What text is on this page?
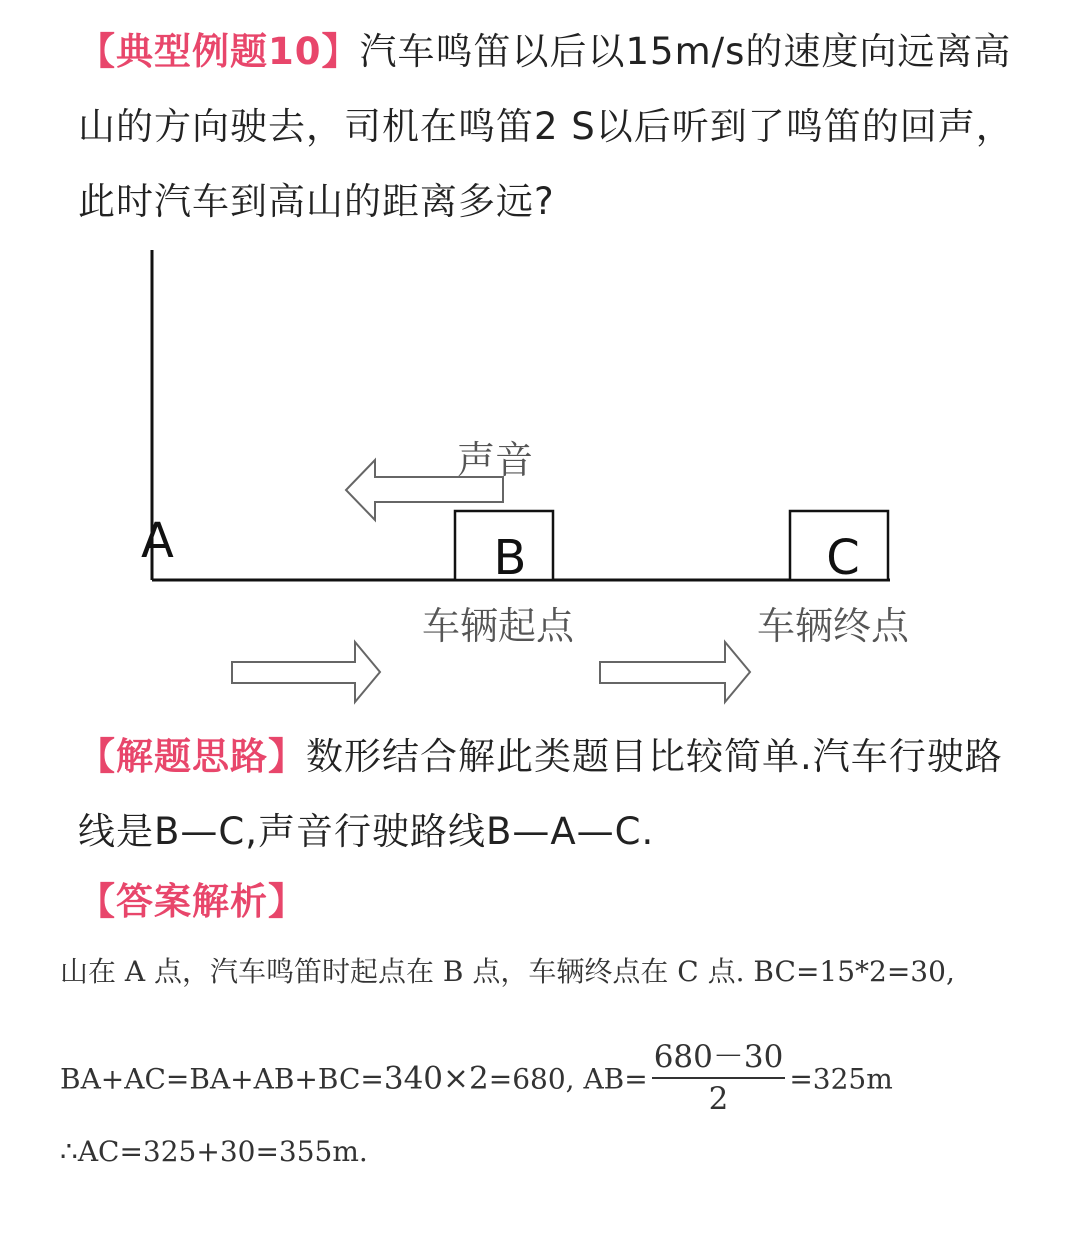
【典型例题10】汽车鸣笛以后以15m/s的速度向远离高山的方向驶去，司机在鸣笛2 S以后听到了鸣笛的回声，此时汽车到高山的距离多远?

A	B	C
声音
车辆起点	车辆终点

【解题思路】数形结合解此类题目比较简单.汽车行驶路线是B—C,声音行驶路线B—A—C.

【答案解析】

山在 A 点，汽车鸣笛时起点在 B 点，车辆终点在 C 点. BC=15*2=30,
BA+AC=BA+AB+BC=340×2=680, $AB= \frac{680-30}{2} =325m$
∴AC=325+30=355m.
